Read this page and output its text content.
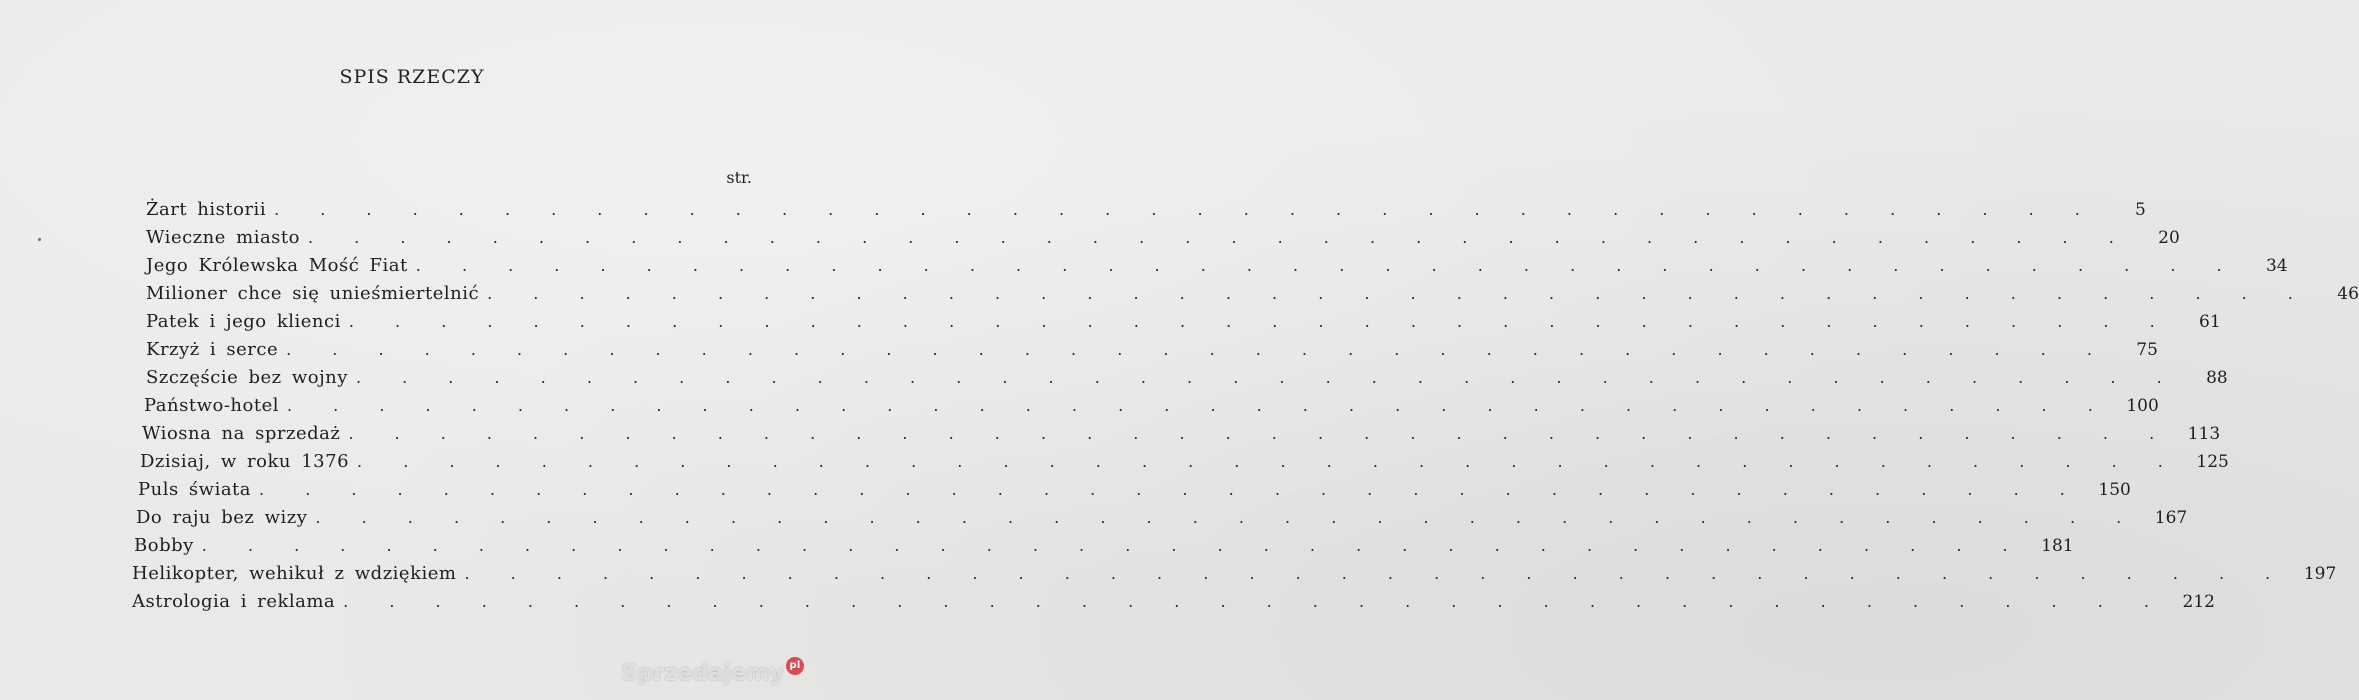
SPIS RZECZY
str.
Żart historii . . . . . . . . . . . . . . . . . . . . . . . . . . . . . . . . . . . . . . . .	5
Wieczne miasto . . . . . . . . . . . . . . . . . . . . . . . . . . . . . . . . . . . . . . . .	20
Jego Królewska Mość Fiat . . . . . . . . . . . . . . . . . . . . . . . . . . . . . . . . . . . . . . . .	34
Milioner chce się unieśmiertelnić . . . . . . . . . . . . . . . . . . . . . . . . . . . . . . . . . . . . . . . .	46
Patek i jego klienci . . . . . . . . . . . . . . . . . . . . . . . . . . . . . . . . . . . . . . . .	61
Krzyż i serce . . . . . . . . . . . . . . . . . . . . . . . . . . . . . . . . . . . . . . . .	75
Szczęście bez wojny . . . . . . . . . . . . . . . . . . . . . . . . . . . . . . . . . . . . . . . .	88
Państwo-hotel . . . . . . . . . . . . . . . . . . . . . . . . . . . . . . . . . . . . . . . . 100
Wiosna na sprzedaż . . . . . . . . . . . . . . . . . . . . . . . . . . . . . . . . . . . . . . . . 113
Dzisiaj, w roku 1376 . . . . . . . . . . . . . . . . . . . . . . . . . . . . . . . . . . . . . . . . 125
Puls świata . . . . . . . . . . . . . . . . . . . . . . . . . . . . . . . . . . . . . . . . 150
Do raju bez wizy . . . . . . . . . . . . . . . . . . . . . . . . . . . . . . . . . . . . . . . . 167
Bobby . . . . . . . . . . . . . . . . . . . . . . . . . . . . . . . . . . . . . . . . 181
Helikopter, wehikuł z wdziękiem . . . . . . . . . . . . . . . . . . . . . . . . . . . . . . . . . . . . . . . . 197
Astrologia i reklama . . . . . . . . . . . . . . . . . . . . . . . . . . . . . . . . . . . . . . . . 212
Sprzedajemy pl
